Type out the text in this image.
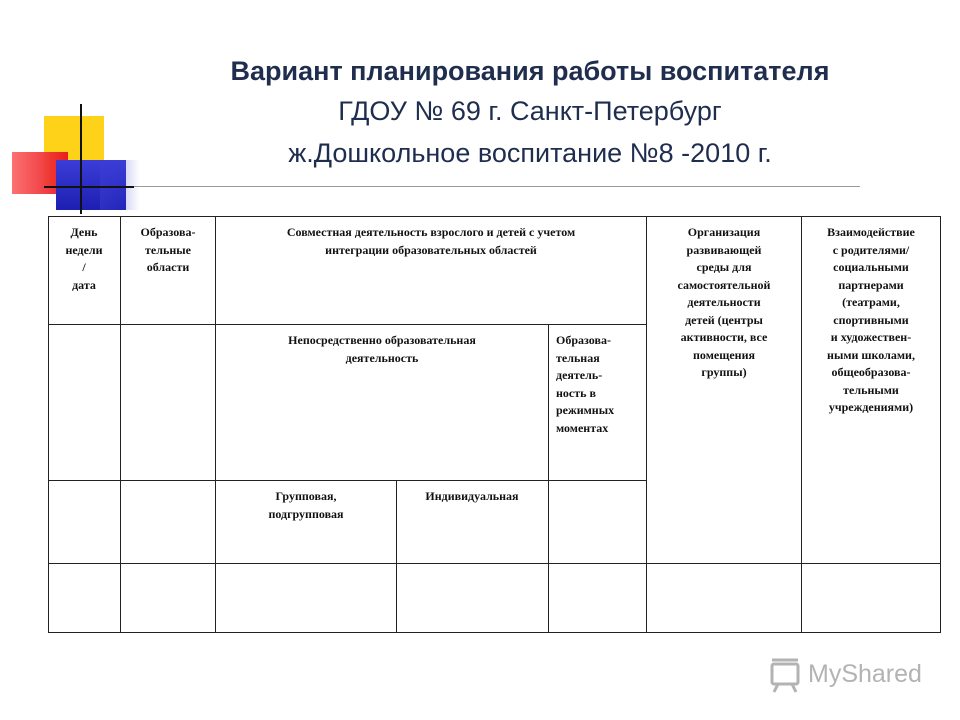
Вариант планирования работы воспитателя
ГДОУ № 69 г. Санкт-Петербург
ж.Дошкольное воспитание №8 -2010 г.
День
недели
/
дата
Образова-
тельные
области
Совместная деятельность взрослого и детей с учетом
интеграции образовательных областей
Организация
развивающей
среды для
самостоятельной
деятельности
детей (центры
активности, все
помещения
группы)
Взаимодействие
с родителями/
социальными
партнерами
(театрами,
спортивными
и художествен-
ными школами,
общеобразова-
тельными
учреждениями)
Непосредственно образовательная
деятельность
Образова-
тельная
деятель-
ность в
режимных
моментах
Групповая,
подгрупповая
Индивидуальная
MyShared
